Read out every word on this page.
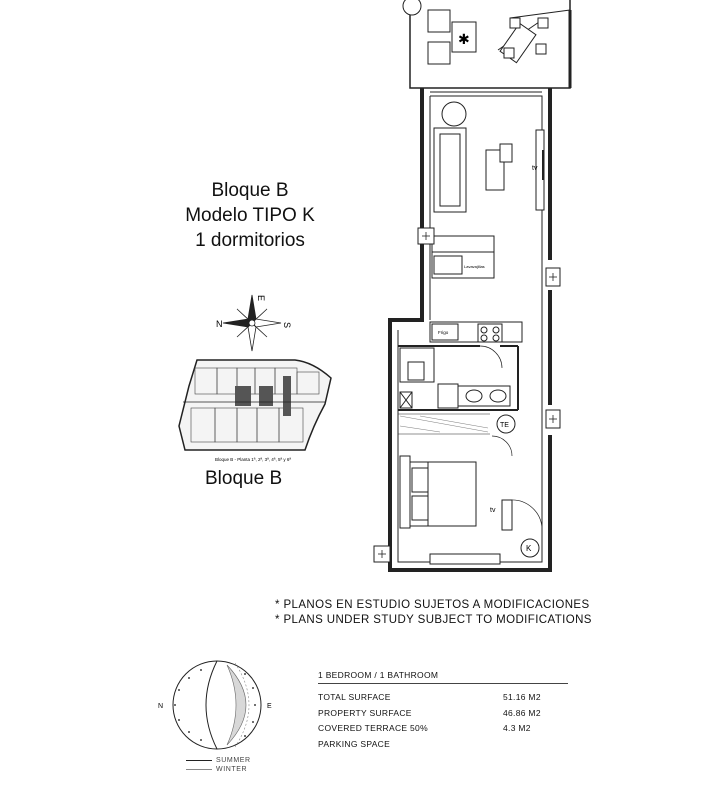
Bloque B
Modelo TIPO K
1 dormitorios
N
E
S
Bloque B - Planta 1ª, 2ª, 3ª, 4ª, 5ª y 6ª
Bloque B
✱
tv
Lavavajillas
Frigo
TE
tv
K
* PLANOS EN ESTUDIO SUJETOS A MODIFICACIONES
* PLANS UNDER STUDY SUBJECT TO MODIFICATIONS
N	E
SUMMER
WINTER
1 BEDROOM / 1 BATHROOM
TOTAL SURFACE	51.16 M2
PROPERTY SURFACE	46.86 M2
COVERED TERRACE 50%	4.3 M2
PARKING SPACE
